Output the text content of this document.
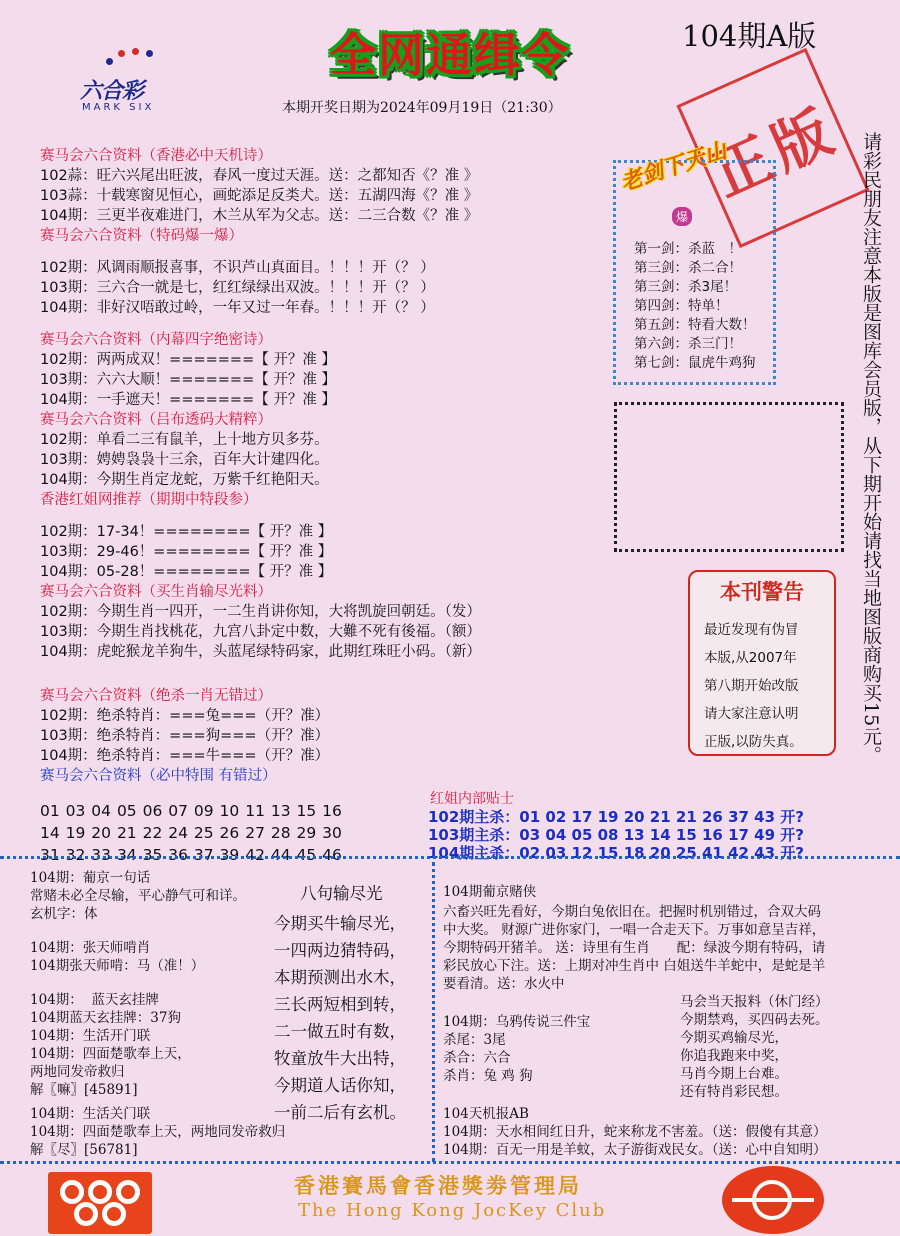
六合彩
MARK SIX
全网通缉令
本期开奖日期为2024年09月19日（21:30）
104期A版
正版 请彩民朋友注意本版是图库会员版，从下期开始请找当地图版商购买15元。
赛马会六合资料（香港必中天机诗）
102蒜：旺六兴尾出旺波，春风一度过天涯。送：之都知否《？准 》
103蒜：十载寒窗见恒心，画蛇添足反类犬。送：五湖四海《？准 》
104期：三更半夜难进门，木兰从军为父志。送：二三合数《？准 》
赛马会六合资料（特码爆一爆）
102期：风调雨顺报喜事，不识芦山真面目。！！！开（？ ）
103期：三六合一就是七，红红绿绿出双波。！！！开（？ ）
104期：非好汉唔敢过岭，一年又过一年春。！！！开（？ ）
赛马会六合资料（内幕四字绝密诗）
102期：两两成双！=======【 开？准 】
103期：六六大顺！=======【 开？准 】
104期：一手遮天！=======【 开？准 】
赛马会六合资料（吕布透码大精粹）
102期：单看二三有鼠羊，上十地方贝多芬。
103期：娉娉袅袅十三余，百年大计建四化。
104期：今期生肖定龙蛇，万紫千红艳阳天。
香港红姐网推荐（期期中特段参）
102期：17-34！========【 开？准 】
103期：29-46！========【 开？准 】
104期：05-28！========【 开？准 】
赛马会六合资料（买生肖输尽光料）
102期：今期生肖一四开，一二生肖讲你知，大将凯旋回朝廷。（发）
103期：今期生肖找桃花，九宫八卦定中数，大難不死有後福。（额）
104期：虎蛇猴龙羊狗牛，头蓝尾绿特码家，此期红珠旺小码。（新）
赛马会六合资料（绝杀一肖无错过）
102期：绝杀特肖：===兔===（开？准）
103期：绝杀特肖：===狗===（开？准）
104期：绝杀特肖：===牛===（开？准）
赛马会六合资料（必中特围 有错过）
01 03 04 05 06 07 09 10 11 13 15 16
14 19 20 21 22 24 25 26 27 28 29 30
31 32 33 34 35 36 37 39 42 44 45 46
老剑下天山
爆
第一剑：杀蓝　！
第三剑：杀二合！
第三剑：杀3尾！
第四剑：特单！
第五剑：特看大数！
第六剑：杀三门！
第七剑：鼠虎牛鸡狗
本刊警告
最近发现有伪冒
本版,从2007年
第八期开始改版
请大家注意认明
正版,以防失真。
红姐内部贴士
102期主杀：01 02 17 19 20 21 21 26 37 43 开?
103期主杀：03 04 05 08 13 14 15 16 17 49 开?
104期主杀：02 03 12 15 18 20 25 41 42 43 开?
104期：葡京一句话
常赌未必全尽输，平心静气可和详。
玄机字：体
104期：张天师啃肖
104期张天师啃：马（准！）
104期：  蓝天玄挂牌
104期蓝天玄挂牌：37狗
104期：生活开门联
104期：四面楚歌奉上天，
两地同发帝救归
解〖嘛〗[45891]
104期：生活关门联
104期：四面楚歌奉上天，两地同发帝救归
解〖尽〗[56781]
八句输尽光
今期买牛输尽光，
一四两边猜特码，
本期预测出水木，
三长两短相到转，
二一做五时有数，
牧童放牛大出特，
今期道人话你知，
一前二后有玄机。
104期葡京赌侠
六畜兴旺先看好，今期白兔依旧在。把握时机别错过，合双大码
中大奖。 财源广进你家门，一唱一合走天下。万事如意呈吉祥，
今期特码开猪羊。 送：诗里有生肖　　配：绿波今期有特码，请
彩民放心下注。送：上期对冲生肖中 白姐送牛羊蛇中，是蛇是羊
要看清。送：水火中
104期：乌鸦传说三件宝
杀尾：3尾
杀合：六合
杀肖：兔 鸡 狗
马会当天报料（休门经）
今期禁鸡，买四码去死。
今期买鸡输尽光，
你追我跑来中奖，
马肖今期上台难。
还有特肖彩民想。
104天机报AB
104期：天水相间红日升，蛇来称龙不害羞。（送：假傻有其意）
104期：百无一用是羊蚊，太子游街戏民女。（送：心中自知明）
香港賽馬會香港獎劵管理局
The Hong Kong JocKey Club
